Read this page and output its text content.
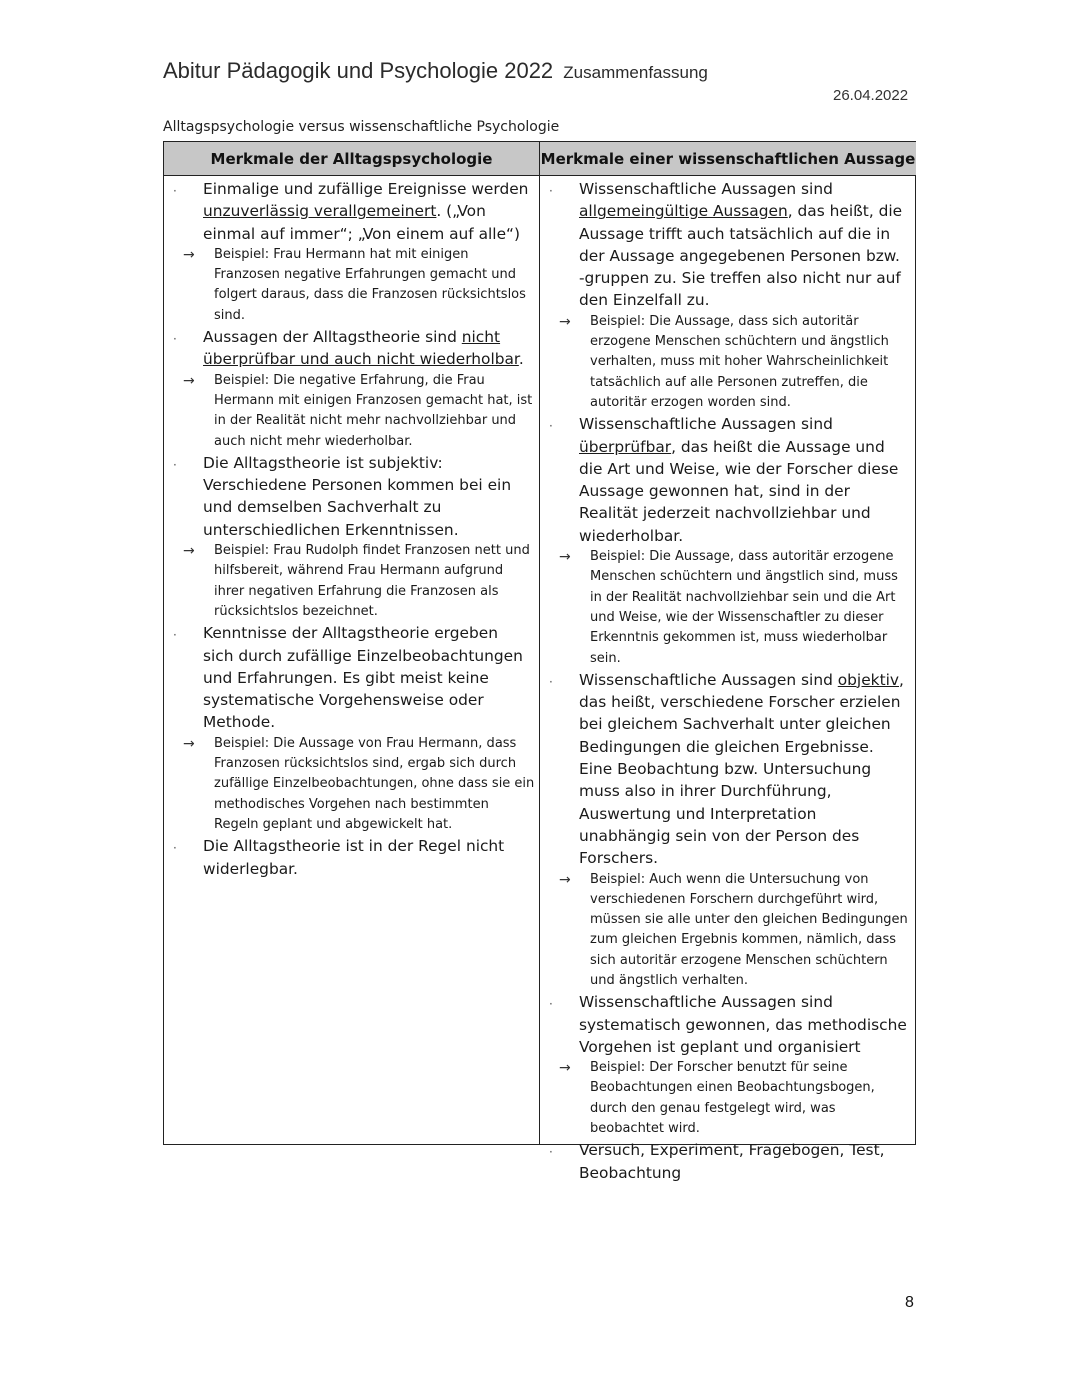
Abitur Pädagogik und Psychologie 2022 Zusammenfassung
26.04.2022
Alltagspsychologie versus wissenschaftliche Psychologie
Merkmale der Alltagspsychologie	Merkmale einer wissenschaftlichen Aussage
· Einmalige und zufällige Ereignisse werden unzuverlässig verallgemeinert. („Von einmal auf immer“; „Von einem auf alle“)
→ Beispiel: Frau Hermann hat mit einigen Franzosen negative Erfahrungen gemacht und folgert daraus, dass die Franzosen rücksichtslos sind.
· Aussagen der Alltagstheorie sind nicht überprüfbar und auch nicht wiederholbar.
→ Beispiel: Die negative Erfahrung, die Frau Hermann mit einigen Franzosen gemacht hat, ist in der Realität nicht mehr nachvollziehbar und auch nicht mehr wiederholbar.
· Die Alltagstheorie ist subjektiv: Verschiedene Personen kommen bei ein und demselben Sachverhalt zu unterschiedlichen Erkenntnissen.
→ Beispiel: Frau Rudolph findet Franzosen nett und hilfsbereit, während Frau Hermann aufgrund ihrer negativen Erfahrung die Franzosen als rücksichtslos bezeichnet.
· Kenntnisse der Alltagstheorie ergeben sich durch zufällige Einzelbeobachtungen und Erfahrungen. Es gibt meist keine systematische Vorgehensweise oder Methode.
→ Beispiel: Die Aussage von Frau Hermann, dass Franzosen rücksichtslos sind, ergab sich durch zufällige Einzelbeobachtungen, ohne dass sie ein methodisches Vorgehen nach bestimmten Regeln geplant und abgewickelt hat.
· Die Alltagstheorie ist in der Regel nicht widerlegbar.
· Wissenschaftliche Aussagen sind allgemeingültige Aussagen, das heißt, die Aussage trifft auch tatsächlich auf die in der Aussage angegebenen Personen bzw. -gruppen zu. Sie treffen also nicht nur auf den Einzelfall zu.
→ Beispiel: Die Aussage, dass sich autoritär erzogene Menschen schüchtern und ängstlich verhalten, muss mit hoher Wahrscheinlichkeit tatsächlich auf alle Personen zutreffen, die autoritär erzogen worden sind.
· Wissenschaftliche Aussagen sind überprüfbar, das heißt die Aussage und die Art und Weise, wie der Forscher diese Aussage gewonnen hat, sind in der Realität jederzeit nachvollziehbar und wiederholbar.
→ Beispiel: Die Aussage, dass autoritär erzogene Menschen schüchtern und ängstlich sind, muss in der Realität nachvollziehbar sein und die Art und Weise, wie der Wissenschaftler zu dieser Erkenntnis gekommen ist, muss wiederholbar sein.
· Wissenschaftliche Aussagen sind objektiv, das heißt, verschiedene Forscher erzielen bei gleichem Sachverhalt unter gleichen Bedingungen die gleichen Ergebnisse. Eine Beobachtung bzw. Untersuchung muss also in ihrer Durchführung, Auswertung und Interpretation unabhängig sein von der Person des Forschers.
→ Beispiel: Auch wenn die Untersuchung von verschiedenen Forschern durchgeführt wird, müssen sie alle unter den gleichen Bedingungen zum gleichen Ergebnis kommen, nämlich, dass sich autoritär erzogene Menschen schüchtern und ängstlich verhalten.
· Wissenschaftliche Aussagen sind systematisch gewonnen, das methodische Vorgehen ist geplant und organisiert
→ Beispiel: Der Forscher benutzt für seine Beobachtungen einen Beobachtungsbogen, durch den genau festgelegt wird, was beobachtet wird.
· Versuch, Experiment, Fragebogen, Test, Beobachtung
8
